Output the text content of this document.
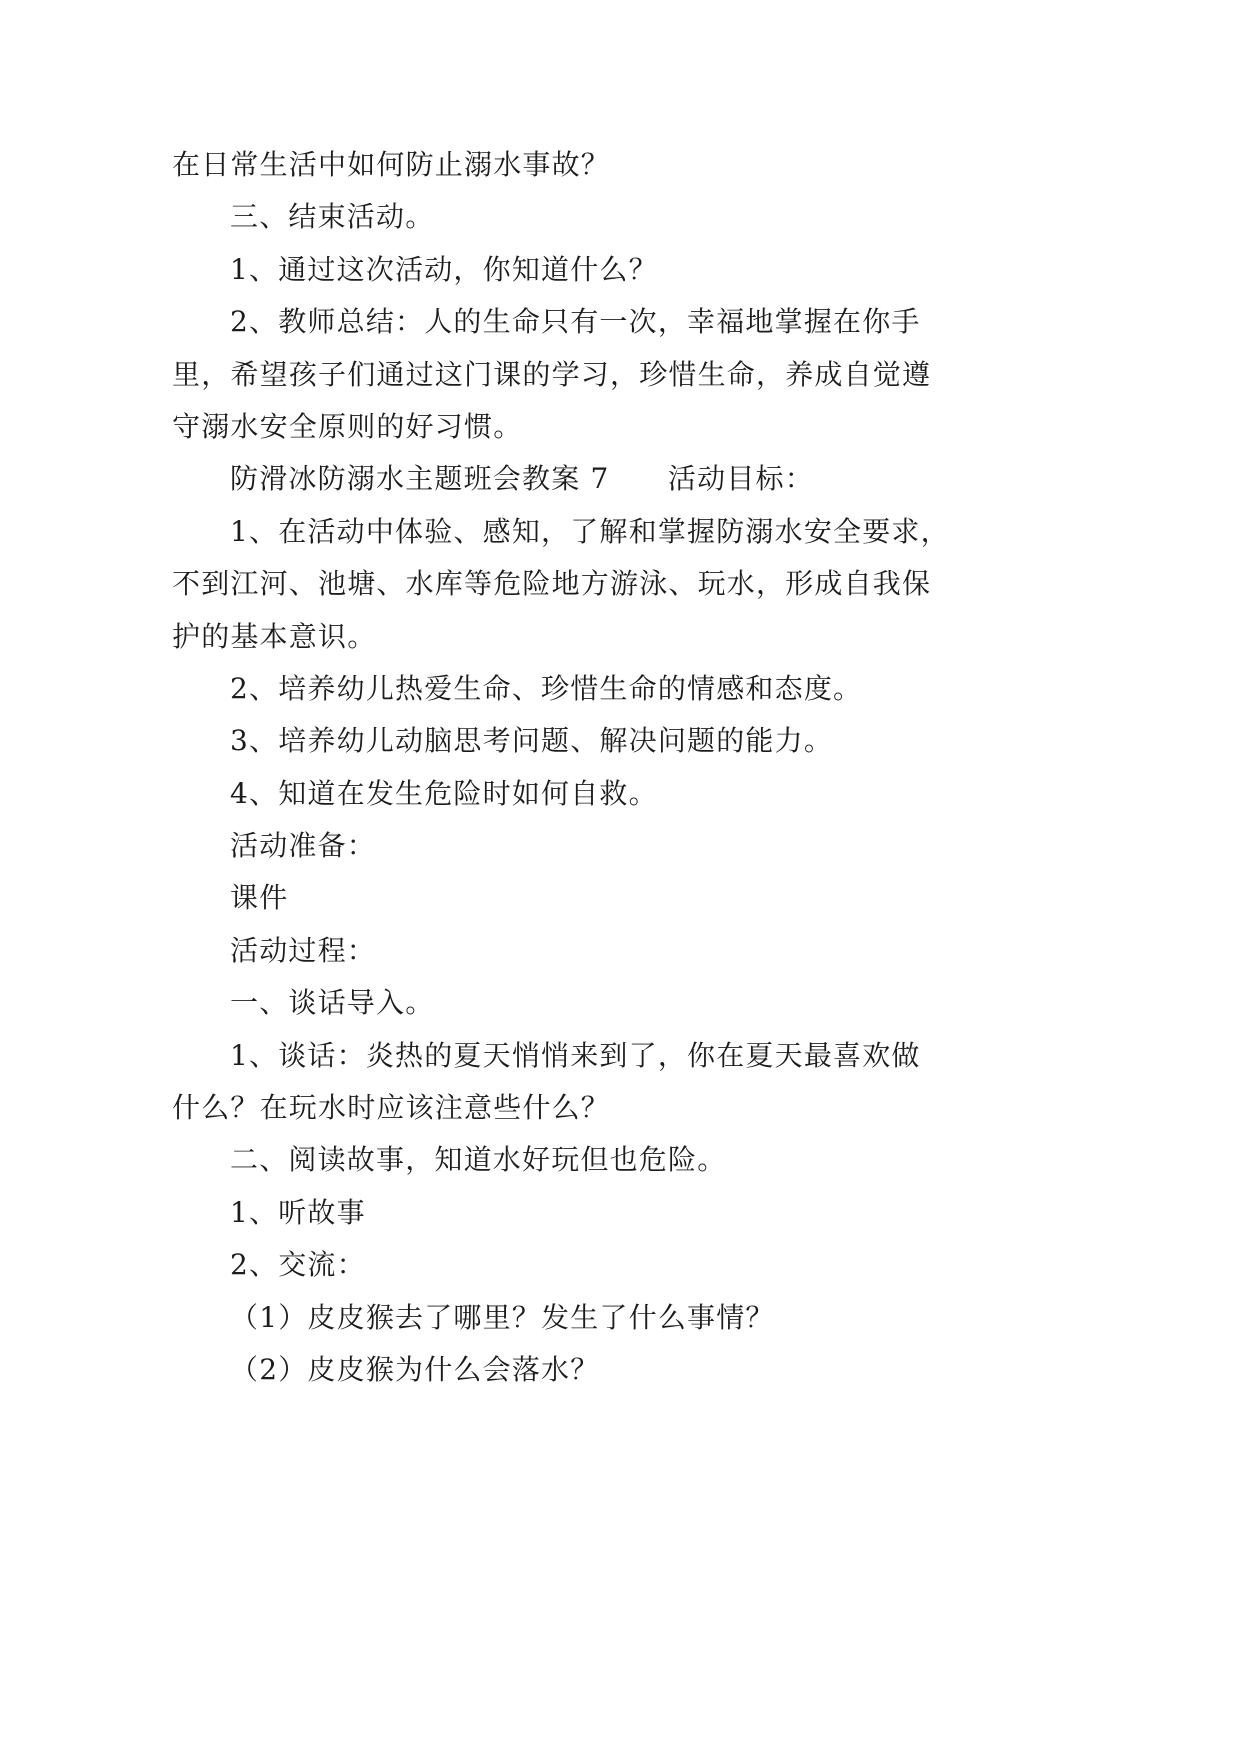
在日常生活中如何防止溺水事故？
三、结束活动。
1、通过这次活动，你知道什么？
2、教师总结：人的生命只有一次，幸福地掌握在你手
里，希望孩子们通过这门课的学习，珍惜生命，养成自觉遵
守溺水安全原则的好习惯。
防滑冰防溺水主题班会教案 7　　活动目标：
1、在活动中体验、感知，了解和掌握防溺水安全要求，
不到江河、池塘、水库等危险地方游泳、玩水，形成自我保
护的基本意识。
2、培养幼儿热爱生命、珍惜生命的情感和态度。
3、培养幼儿动脑思考问题、解决问题的能力。
4、知道在发生危险时如何自救。
活动准备：
课件
活动过程：
一、谈话导入。
1、谈话：炎热的夏天悄悄来到了，你在夏天最喜欢做
什么？在玩水时应该注意些什么？
二、阅读故事，知道水好玩但也危险。
1、听故事
2、交流：
（1）皮皮猴去了哪里？发生了什么事情？
（2）皮皮猴为什么会落水？
